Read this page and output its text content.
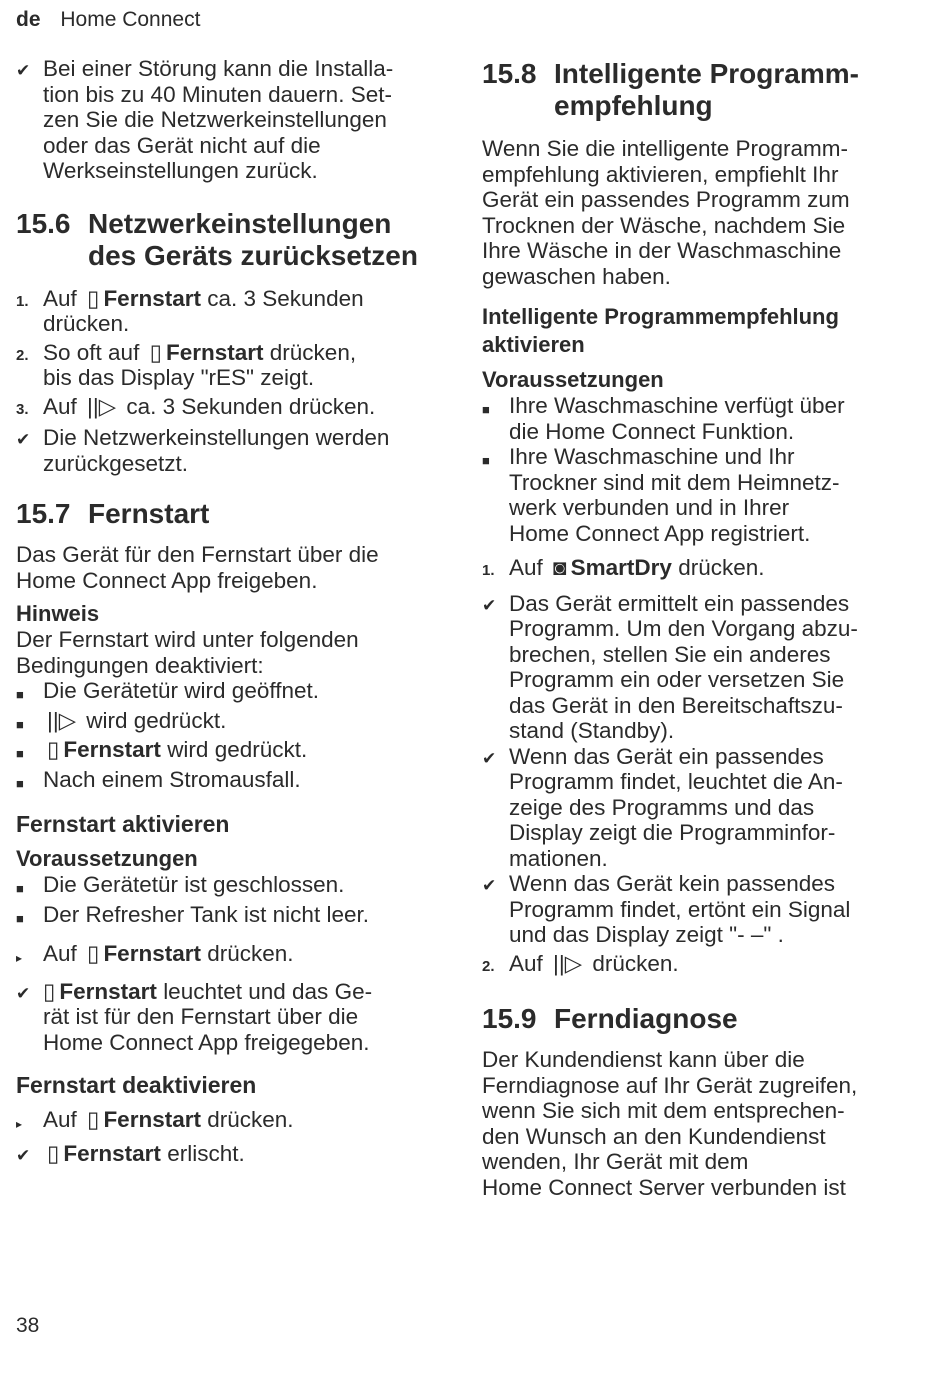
de Home Connect
✔ Bei einer Störung kann die Installa-
tion bis zu 40 Minuten dauern. Set-
zen Sie die Netzwerkeinstellungen
oder das Gerät nicht auf die
Werkseinstellungen zurück.
15.6 Netzwerkeinstellungen des Geräts zurücksetzen
1. Auf ▯ Fernstart ca. 3 Sekunden
drücken.
2. So oft auf ▯ Fernstart drücken,
bis das Display "rES" zeigt.
3. Auf ||▷ ca. 3 Sekunden drücken.
✔ Die Netzwerkeinstellungen werden
zurückgesetzt.
15.7 Fernstart

Das Gerät für den Fernstart über die
Home Connect App freigeben.

Hinweis

Der Fernstart wird unter folgenden
Bedingungen deaktiviert:

■ Die Gerätetür wird geöffnet.
■	||▷ wird gedrückt.
■	▯ Fernstart wird gedrückt.
■ Nach einem Stromausfall.

Fernstart aktivieren

Voraussetzungen

■ Die Gerätetür ist geschlossen.
■ Der Refresher Tank ist nicht leer.
▸ Auf ▯ Fernstart drücken.
✔ ▯ Fernstart leuchtet und das Ge-
rät ist für den Fernstart über die
Home Connect App freigegeben.

Fernstart deaktivieren

▸ Auf ▯ Fernstart drücken.
✔ ▯ Fernstart erlischt.
15.8 Intelligente Programm-
empfehlung

Wenn Sie die intelligente Programm-
empfehlung aktivieren, empfiehlt Ihr
Gerät ein passendes Programm zum
Trocknen der Wäsche, nachdem Sie
Ihre Wäsche in der Waschmaschine
gewaschen haben.

Intelligente Programmempfehlung
aktivieren

Voraussetzungen

■ Ihre Waschmaschine verfügt über
die Home Connect Funktion.
■ Ihre Waschmaschine und Ihr
Trockner sind mit dem Heimnetz-
werk verbunden und in Ihrer
Home Connect App registriert.
1. Auf ◙ SmartDry drücken.
✔ Das Gerät ermittelt ein passendes
Programm. Um den Vorgang abzu-
brechen, stellen Sie ein anderes
Programm ein oder versetzen Sie
das Gerät in den Bereitschaftszu-
stand (Standby).
✔ Wenn das Gerät ein passendes
Programm findet, leuchtet die An-
zeige des Programms und das
Display zeigt die Programminfor-
mationen.
✔ Wenn das Gerät kein passendes
Programm findet, ertönt ein Signal
und das Display zeigt "- –" .
2. Auf ||▷ drücken.
15.9 Ferndiagnose

Der Kundendienst kann über die
Ferndiagnose auf Ihr Gerät zugreifen,
wenn Sie sich mit dem entsprechen-
den Wunsch an den Kundendienst
wenden, Ihr Gerät mit dem
Home Connect Server verbunden ist

38
